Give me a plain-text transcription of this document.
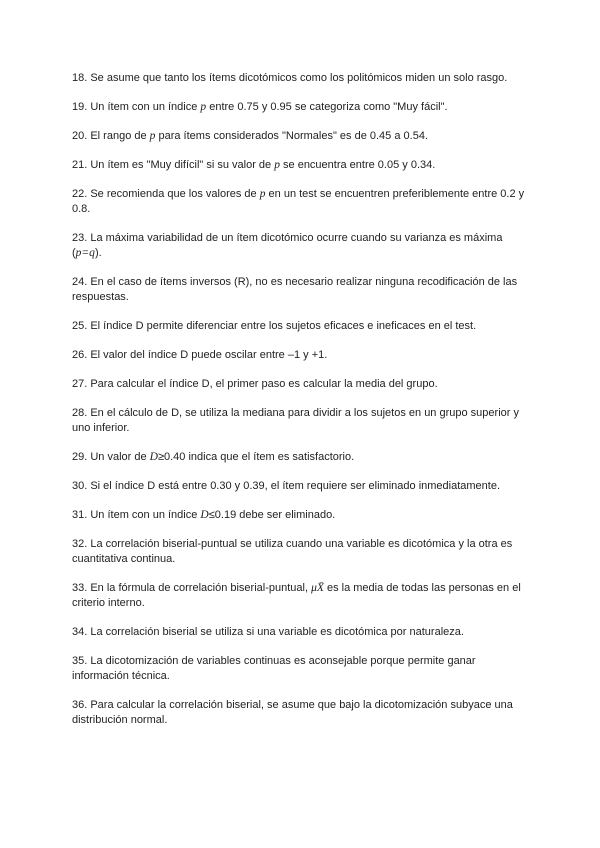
18. Se asume que tanto los ítems dicotómicos como los politómicos miden un solo rasgo.

19. Un ítem con un índice p entre 0.75 y 0.95 se categoriza como "Muy fácil".

20. El rango de p para ítems considerados "Normales" es de 0.45 a 0.54.

21. Un ítem es "Muy difícil" si su valor de p se encuentra entre 0.05 y 0.34.

22. Se recomienda que los valores de p en un test se encuentren preferiblemente entre 0.2 y 0.8.

23. La máxima variabilidad de un ítem dicotómico ocurre cuando su varianza es máxima (p=q).

24. En el caso de ítems inversos (R), no es necesario realizar ninguna recodificación de las respuestas.

25. El índice D permite diferenciar entre los sujetos eficaces e ineficaces en el test.

26. El valor del índice D puede oscilar entre –1 y +1.

27. Para calcular el índice D, el primer paso es calcular la media del grupo.

28. En el cálculo de D, se utiliza la mediana para dividir a los sujetos en un grupo superior y uno inferior.

29. Un valor de D≥0.40 indica que el ítem es satisfactorio.

30. Si el índice D está entre 0.30 y 0.39, el ítem requiere ser eliminado inmediatamente.

31. Un ítem con un índice D≤0.19 debe ser eliminado.

32. La correlación biserial-puntual se utiliza cuando una variable es dicotómica y la otra es cuantitativa continua.

33. En la fórmula de correlación biserial-puntual, μX̄ es la media de todas las personas en el criterio interno.

34. La correlación biserial se utiliza si una variable es dicotómica por naturaleza.

35. La dicotomización de variables continuas es aconsejable porque permite ganar información técnica.

36. Para calcular la correlación biserial, se asume que bajo la dicotomización subyace una distribución normal.
